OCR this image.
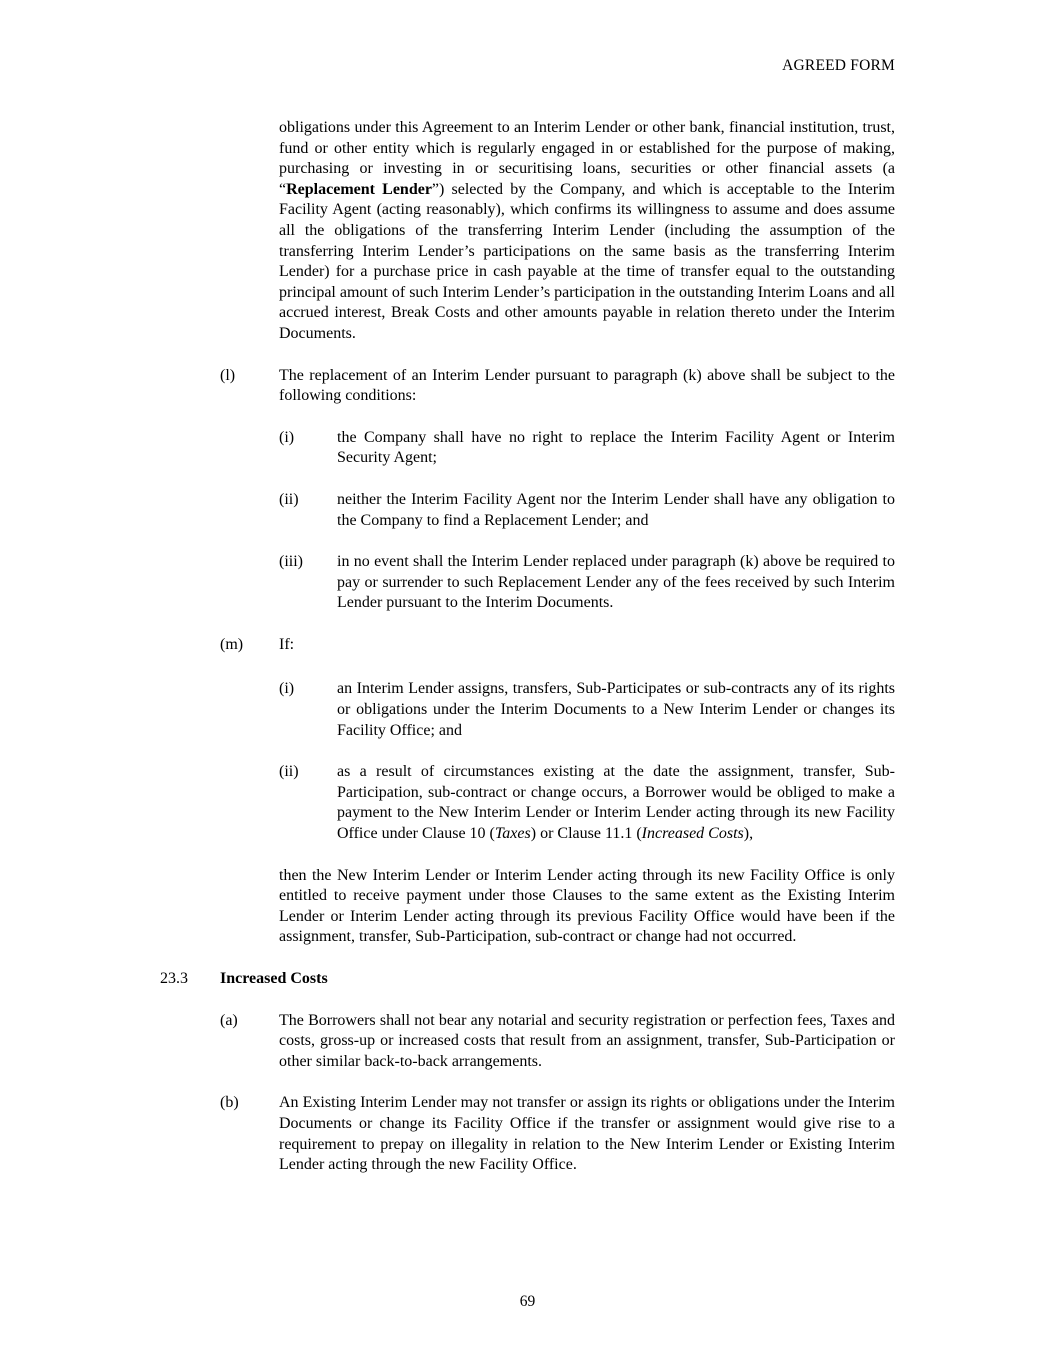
AGREED FORM
obligations under this Agreement to an Interim Lender or other bank, financial institution, trust, fund or other entity which is regularly engaged in or established for the purpose of making, purchasing or investing in or securitising loans, securities or other financial assets (a “Replacement Lender”) selected by the Company, and which is acceptable to the Interim Facility Agent (acting reasonably), which confirms its willingness to assume and does assume all the obligations of the transferring Interim Lender (including the assumption of the transferring Interim Lender’s participations on the same basis as the transferring Interim Lender) for a purchase price in cash payable at the time of transfer equal to the outstanding principal amount of such Interim Lender’s participation in the outstanding Interim Loans and all accrued interest, Break Costs and other amounts payable in relation thereto under the Interim Documents.
(l)	The replacement of an Interim Lender pursuant to paragraph (k) above shall be subject to the following conditions:
(i)	the Company shall have no right to replace the Interim Facility Agent or Interim Security Agent;
(ii) neither the Interim Facility Agent nor the Interim Lender shall have any obligation to the Company to find a Replacement Lender; and
(iii) in no event shall the Interim Lender replaced under paragraph (k) above be required to pay or surrender to such Replacement Lender any of the fees received by such Interim Lender pursuant to the Interim Documents.
(m) If:
(i)	an Interim Lender assigns, transfers, Sub-Participates or sub-contracts any of its rights or obligations under the Interim Documents to a New Interim Lender or changes its Facility Office; and
(ii) as a result of circumstances existing at the date the assignment, transfer, Sub-Participation, sub-contract or change occurs, a Borrower would be obliged to make a payment to the New Interim Lender or Interim Lender acting through its new Facility Office under Clause 10 (Taxes) or Clause 11.1 (Increased Costs),
then the New Interim Lender or Interim Lender acting through its new Facility Office is only entitled to receive payment under those Clauses to the same extent as the Existing Interim Lender or Interim Lender acting through its previous Facility Office would have been if the assignment, transfer, Sub-Participation, sub-contract or change had not occurred.
23.3 Increased Costs
(a)	The Borrowers shall not bear any notarial and security registration or perfection fees, Taxes and costs, gross-up or increased costs that result from an assignment, transfer, Sub-Participation or other similar back-to-back arrangements.
(b)	An Existing Interim Lender may not transfer or assign its rights or obligations under the Interim Documents or change its Facility Office if the transfer or assignment would give rise to a requirement to prepay on illegality in relation to the New Interim Lender or Existing Interim Lender acting through the new Facility Office.
69
